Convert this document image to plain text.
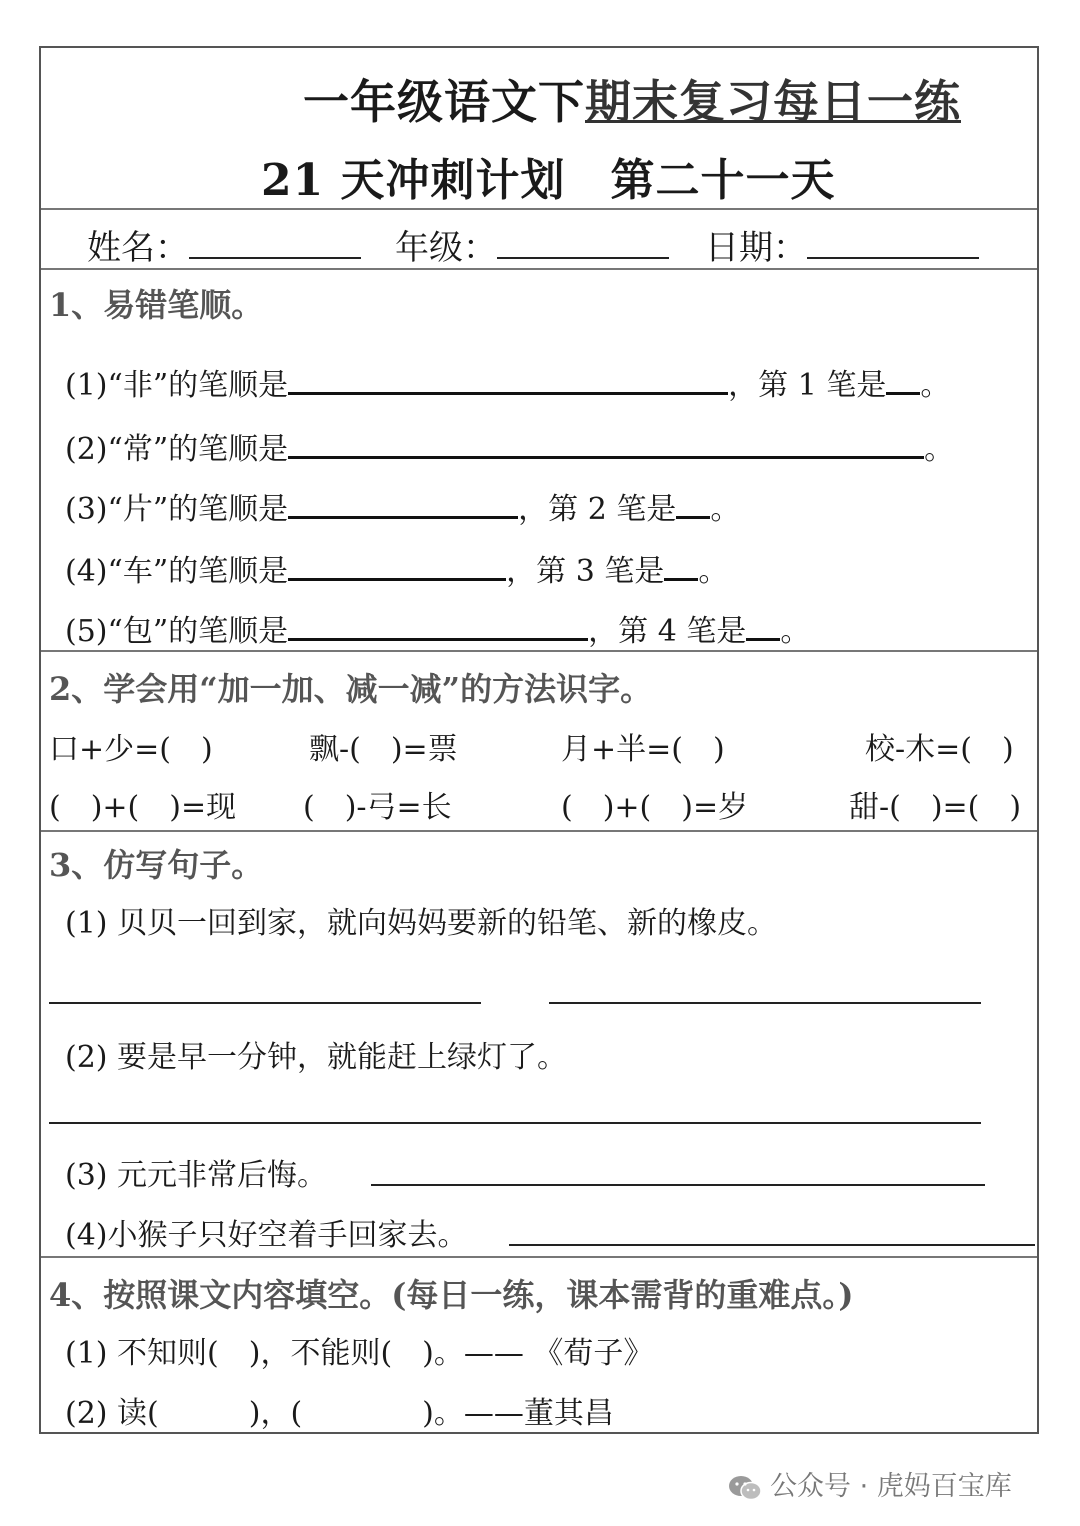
一年级语文下期末复习每日一练
21 天冲刺计划　第二十一天
姓名：	年级：	日期：
1、易错笔顺。
(1)“非”的笔顺是	，第 1 笔是 。
(2)“常”的笔顺是	。
(3)“片”的笔顺是	，第 2 笔是 。
(4)“车”的笔顺是	，第 3 笔是 。
(5)“包”的笔顺是	，第 4 笔是 。
2、学会用“加一加、减一减”的方法识字。
口+少=(　)	飘-(　)=票	月+半=(　)	校-木=(　)
(　)+(　)=现 (　)-弓=长	(　)+(　)=岁	甜-(　)=(　)
3、仿写句子。
(1) 贝贝一回到家，就向妈妈要新的铅笔、新的橡皮。
(2) 要是早一分钟，就能赶上绿灯了。
(3) 元元非常后悔。
(4)小猴子只好空着手回家去。
4、按照课文内容填空。(每日一练，课本需背的重难点。)
(1) 不知则(　)，不能则(　)。—— 《荀子》
(2) 读(　　　)，(　　　　)。——董其昌
公众号 · 虎妈百宝库
